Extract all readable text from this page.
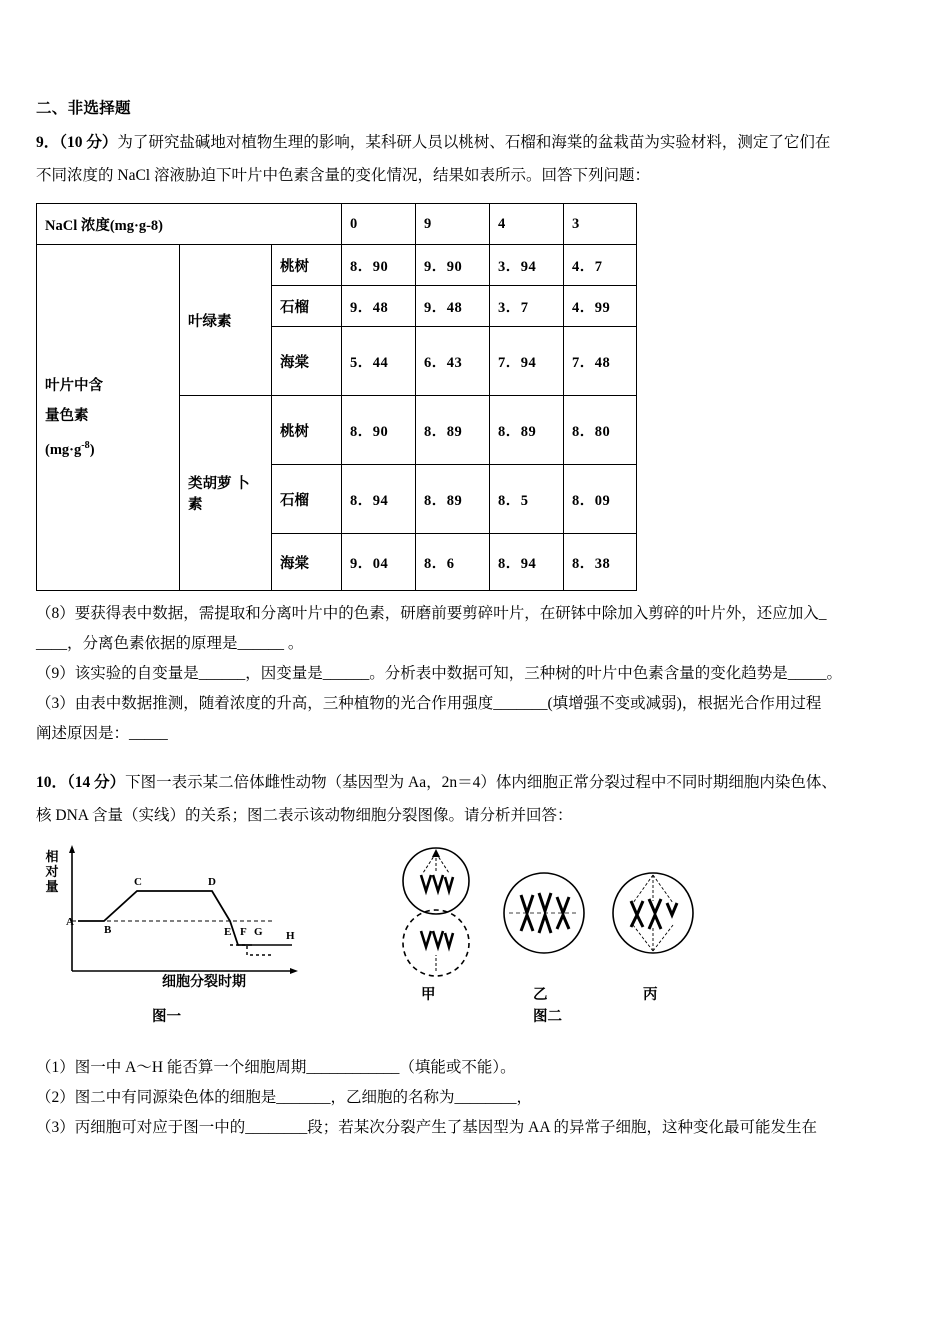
二、非选择题

9．（10 分）为了研究盐碱地对植物生理的影响，某科研人员以桃树、石榴和海棠的盆栽苗为实验材料，测定了它们在

不同浓度的 NaCl 溶液胁迫下叶片中色素含量的变化情况，结果如表所示。回答下列问题：

NaCl 浓度(mg·g-8)			0	9	4	3

叶片中含
量色素
$(mg\cdot g^{-8})$	叶绿素	桃树	8．90	9．90	3．94	4．7
		石榴	9．48	9．48	3．7	4．99
		海棠	5．44	6．43	7．94	7．48
	类胡萝 卜素	桃树	8．90	8．89	8．89	8．80
		石榴	8．94	8．89	8．5	8．09
		海棠	9．04	8．6	8．94	8．38

（8）要获得表中数据，需提取和分离叶片中的色素，研磨前要剪碎叶片，在研钵中除加入剪碎的叶片外，还应加入_

____，分离色素依据的原理是______ 。

（9）该实验的自变量是______，因变量是______。分析表中数据可知，三种树的叶片中色素含量的变化趋势是_____。

（3）由表中数据推测，随着浓度的升高，三种植物的光合作用强度_______(填增强不变或减弱)，根据光合作用过程

阐述原因是：_____

10．（14 分）下图一表示某二倍体雌性动物（基因型为 Aa，2n＝4）体内细胞正常分裂过程中不同时期细胞内染色体、

核 DNA 含量（实线）的关系；图二表示该动物细胞分裂图像。请分析并回答：

相对量
A
B
C	D
E F G H
细胞分裂时期
图一
甲	乙	丙
图二

（1）图一中 A～H 能否算一个细胞周期____________（填能或不能）。

（2）图二中有同源染色体的细胞是_______，乙细胞的名称为________，

（3）丙细胞可对应于图一中的________段；若某次分裂产生了基因型为 AA 的异常子细胞，这种变化最可能发生在
